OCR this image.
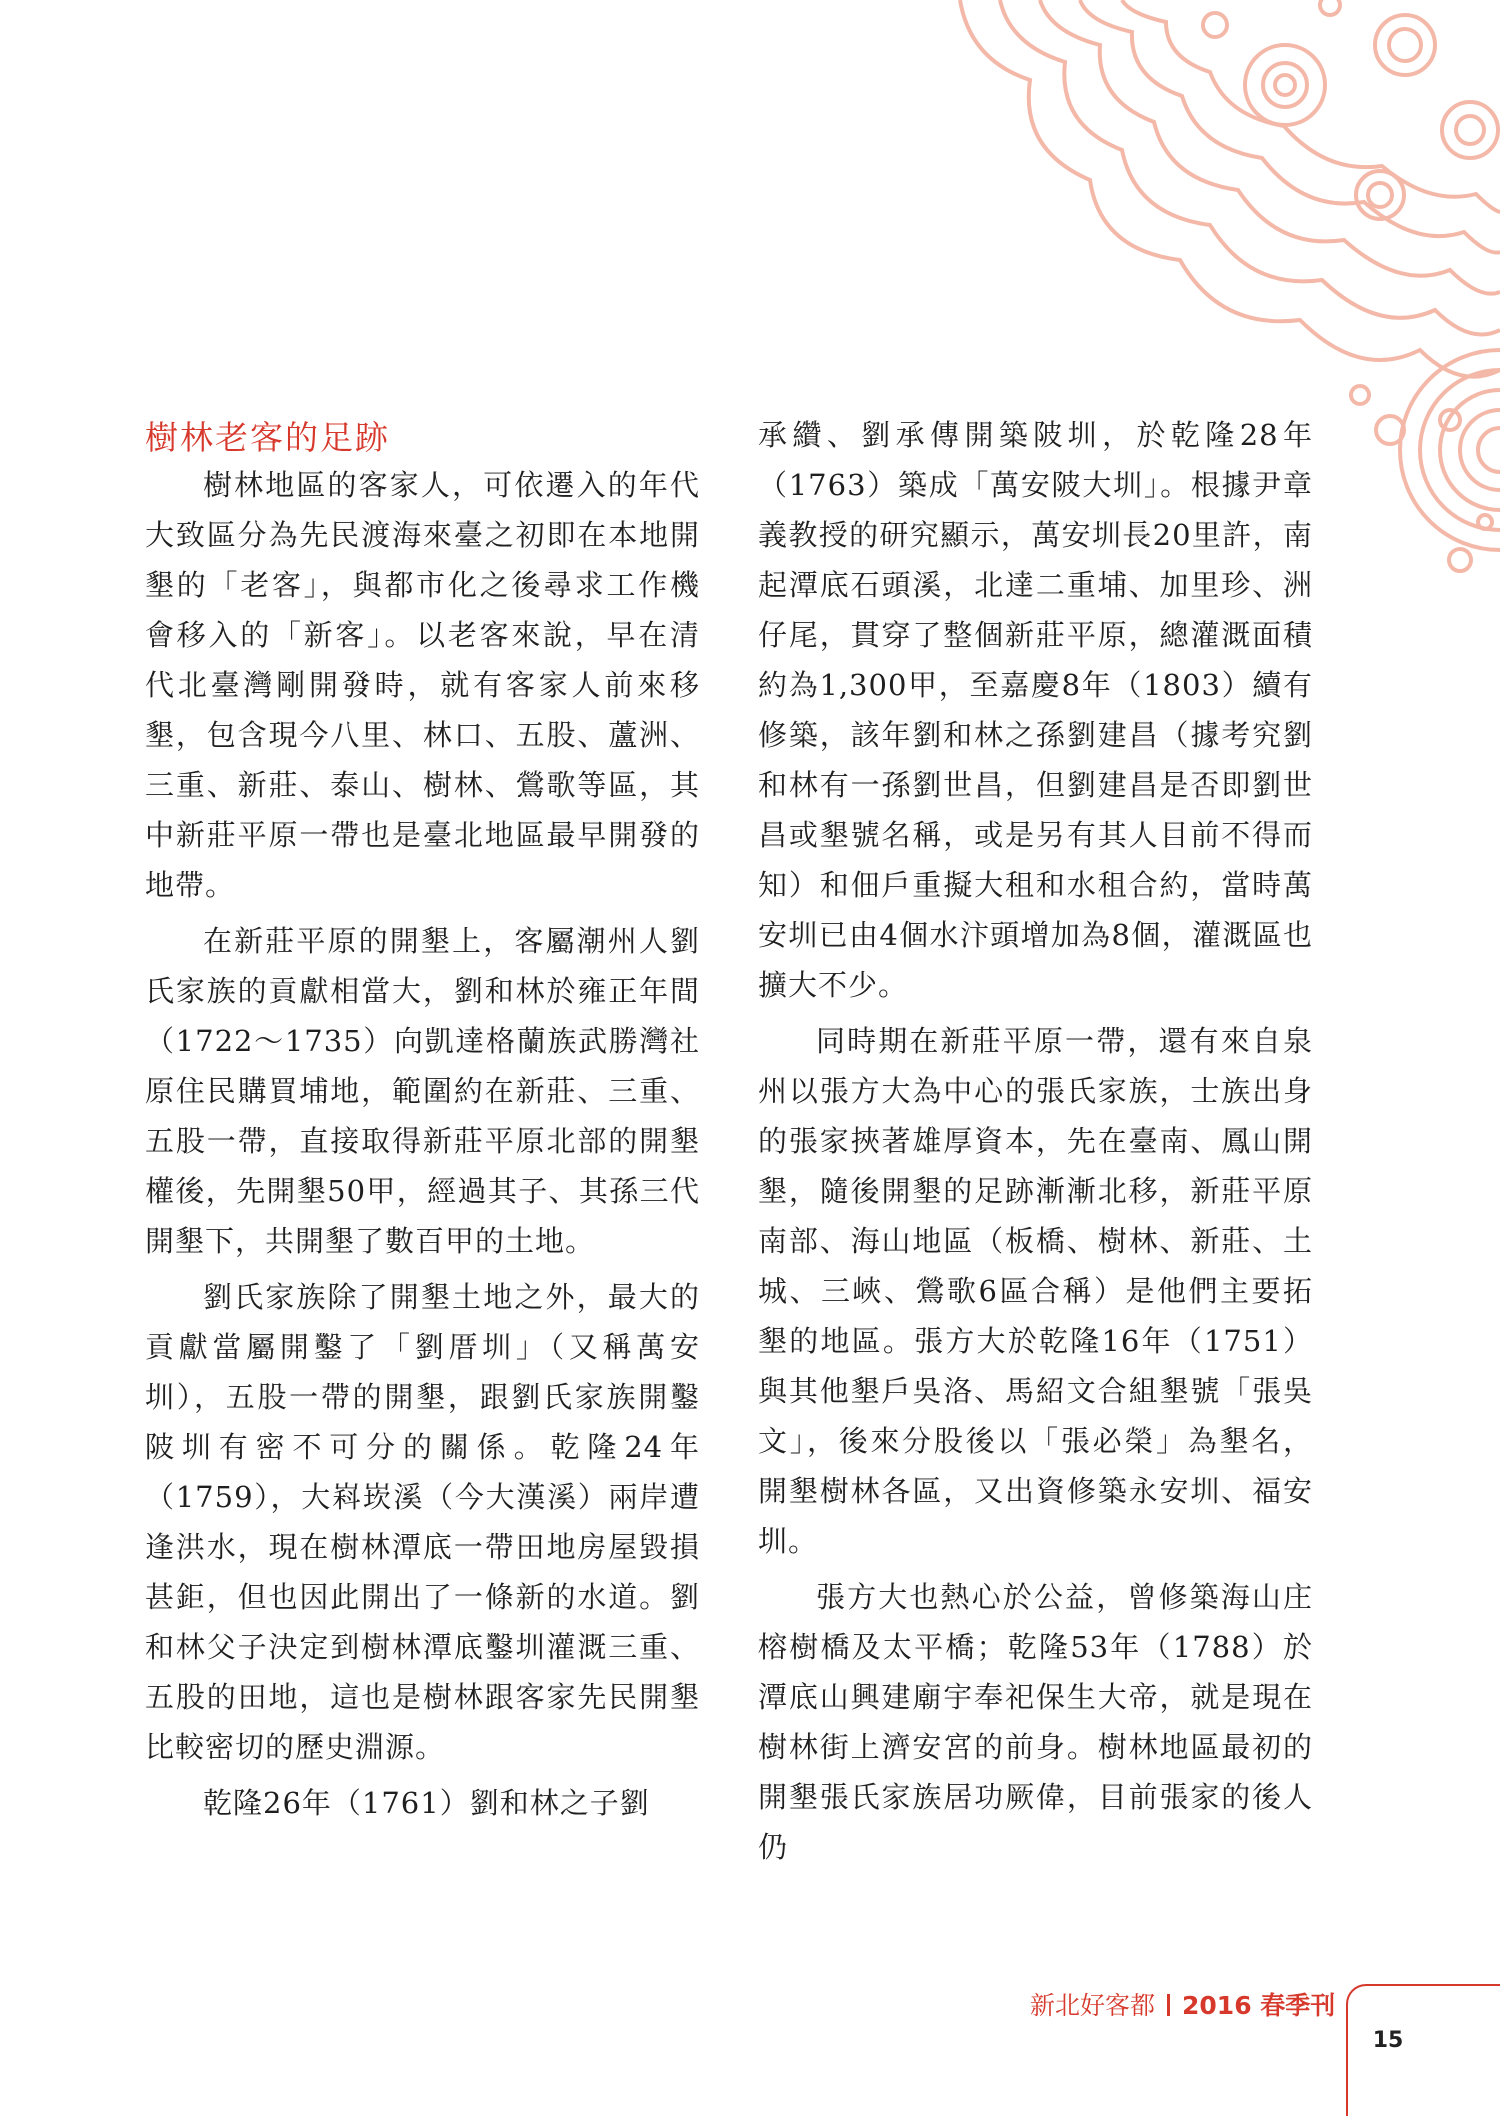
樹林老客的足跡

樹林地區的客家人，可依遷入的年代大致區分為先民渡海來臺之初即在本地開墾的「老客」，與都市化之後尋求工作機會移入的「新客」。以老客來說，早在清代北臺灣剛開發時，就有客家人前來移墾，包含現今八里、林口、五股、蘆洲、三重、新莊、泰山、樹林、鶯歌等區，其中新莊平原一帶也是臺北地區最早開發的地帶。

在新莊平原的開墾上，客屬潮州人劉氏家族的貢獻相當大，劉和林於雍正年間（1722～1735）向凱達格蘭族武勝灣社原住民購買埔地，範圍約在新莊、三重、五股一帶，直接取得新莊平原北部的開墾權後，先開墾50甲，經過其子、其孫三代開墾下，共開墾了數百甲的土地。

劉氏家族除了開墾土地之外，最大的貢獻當屬開鑿了「劉厝圳」（又稱萬安圳），五股一帶的開墾，跟劉氏家族開鑿陂圳有密不可分的關係。乾隆24年（1759），大嵙崁溪（今大漢溪）兩岸遭逢洪水，現在樹林潭底一帶田地房屋毀損甚鉅，但也因此開出了一條新的水道。劉和林父子決定到樹林潭底鑿圳灌溉三重、五股的田地，這也是樹林跟客家先民開墾比較密切的歷史淵源。

乾隆26年（1761）劉和林之子劉

承纘、劉承傳開築陂圳，於乾隆28年（1763）築成「萬安陂大圳」。根據尹章義教授的研究顯示，萬安圳長20里許，南起潭底石頭溪，北達二重埔、加里珍、洲仔尾，貫穿了整個新莊平原，總灌溉面積約為1,300甲，至嘉慶8年（1803）續有修築，該年劉和林之孫劉建昌（據考究劉和林有一孫劉世昌，但劉建昌是否即劉世昌或墾號名稱，或是另有其人目前不得而知）和佃戶重擬大租和水租合約，當時萬安圳已由4個水汴頭增加為8個，灌溉區也擴大不少。

同時期在新莊平原一帶，還有來自泉州以張方大為中心的張氏家族，士族出身的張家挾著雄厚資本，先在臺南、鳳山開墾，隨後開墾的足跡漸漸北移，新莊平原南部、海山地區（板橋、樹林、新莊、土城、三峽、鶯歌6區合稱）是他們主要拓墾的地區。張方大於乾隆16年（1751）與其他墾戶吳洛、馬紹文合組墾號「張吳文」，後來分股後以「張必榮」為墾名，開墾樹林各區，又出資修築永安圳、福安圳。

張方大也熱心於公益，曾修築海山庄榕樹橋及太平橋；乾隆53年（1788）於潭底山興建廟宇奉祀保生大帝，就是現在樹林街上濟安宮的前身。樹林地區最初的開墾張氏家族居功厥偉，目前張家的後人仍

新北好客都 2016 春季刊
15
